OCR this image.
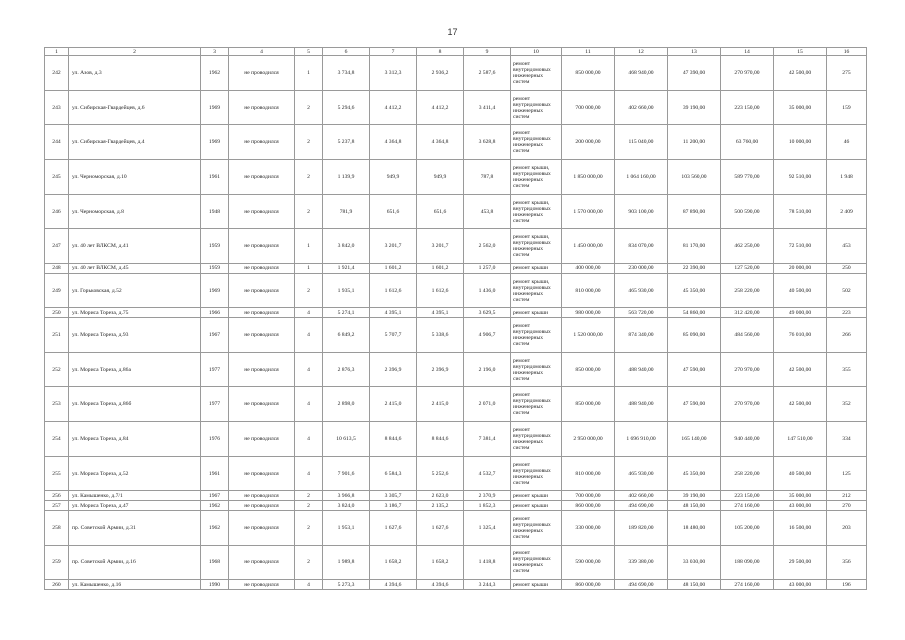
17
1	2	3	4	5	6	7	8	9	10	11	12	13	14	15	16
242	ул. Азов, д.3	1962	не проводился	1	3 734,8	3 312,3	2 936,2	2 587,6	ремонт внутридомовых инженерных систем	850 000,00	468 940,00	47 390,00	270 970,00	42 500,00	275
243	ул. Сибирская-Гвардейцев, д.6	1969	не проводился	2	5 294,6	4 412,2	4 412,2	3 411,4	ремонт внутридомовых инженерных систем	700 000,00	402 660,00	39 190,00	223 150,00	35 000,00	159
244	ул. Сибирская-Гвардейцев, д.4	1969	не проводился	2	5 237,8	4 364,8	4 364,8	3 628,8	ремонт внутридомовых инженерных систем	200 000,00	115 040,00	11 200,00	63 760,00	10 000,00	46
245	ул. Черноморская, д.10	1961	не проводился	2	1 139,9	949,9	949,9	787,8	ремонт крыши, внутридомовых инженерных систем	1 850 000,00	1 064 160,00	103 560,00	589 770,00	92 510,00	1 948
246	ул. Черноморская, д.8	1948	не проводился	2	781,9	651,6	651,6	453,8	ремонт крыши, внутридомовых инженерных систем	1 570 000,00	903 100,00	87 890,00	500 590,00	78 510,00	2 409
247	ул. 40 лет ВЛКСМ, д.41	1959	не проводился	1	3 842,0	3 201,7	3 201,7	2 562,0	ремонт крыши, внутридомовых инженерных систем	1 450 000,00	834 070,00	81 170,00	462 250,00	72 510,00	453
248	ул. 40 лет ВЛКСМ, д.45	1959	не проводился	1	1 921,4	1 601,2	1 601,2	1 257,0	ремонт крыши	400 000,00	230 000,00	22 390,00	127 520,00	20 000,00	250
249	ул. Горьковская, д.52	1969	не проводился	2	1 935,1	1 612,6	1 612,6	1 436,0	ремонт крыши, внутридомовых инженерных систем	810 000,00	465 930,00	45 350,00	258 220,00	40 500,00	502
250	ул. Мориса Тореза, д.75	1966	не проводился	4	5 274,1	4 395,1	4 395,1	3 629,5	ремонт крыши	980 000,00	563 720,00	54 860,00	312 420,00	49 000,00	223
251	ул. Мориса Тореза, д.93	1967	не проводился	4	6 849,2	5 707,7	5 338,6	4 906,7	ремонт внутридомовых инженерных систем	1 520 000,00	874 340,00	85 090,00	484 560,00	76 010,00	266
252	ул. Мориса Тореза, д.86а	1977	не проводился	4	2 876,3	2 396,9	2 396,9	2 196,0	ремонт внутридомовых инженерных систем	850 000,00	488 940,00	47 590,00	270 970,00	42 500,00	355
253	ул. Мориса Тореза, д.86б	1977	не проводился	4	2 898,0	2 415,0	2 415,0	2 071,0	ремонт внутридомовых инженерных систем	850 000,00	488 940,00	47 590,00	270 970,00	42 500,00	352
254	ул. Мориса Тореза, д.84	1976	не проводился	4	10 613,5	8 844,6	8 844,6	7 381,4	ремонт внутридомовых инженерных систем	2 950 000,00	1 696 910,00	165 140,00	940 440,00	147 510,00	334
255	ул. Мориса Тореза, д.52	1961	не проводился	4	7 901,6	6 584,3	5 252,6	4 532,7	ремонт внутридомовых инженерных систем	810 000,00	465 930,00	45 350,00	258 220,00	40 500,00	125
256	ул. Камышенко, д.7/1	1967	не проводился	2	3 966,8	3 305,7	2 623,0	2 370,9	ремонт крыши	700 000,00	402 660,00	39 190,00	223 150,00	35 000,00	212
257	ул. Мориса Тореза, д.47	1962	не проводился	2	3 824,0	3 186,7	2 135,2	1 852,3	ремонт крыши	860 000,00	494 690,00	48 150,00	274 160,00	43 000,00	270
258	пр. Советской Армии, д.31	1962	не проводился	2	1 953,1	1 627,6	1 627,6	1 325,4	ремонт внутридомовых инженерных систем	330 000,00	189 820,00	18 480,00	105 200,00	16 500,00	203
259	пр. Советской Армии, д.16	1968	не проводился	2	1 989,8	1 658,2	1 658,2	1 418,8	ремонт внутридомовых инженерных систем	590 000,00	339 380,00	33 030,00	188 090,00	29 500,00	356
260	ул. Камышенко, д.16	1990	не проводился	4	5 273,3	4 394,6	4 394,6	3 244,3	ремонт крыши	860 000,00	494 690,00	48 150,00	274 160,00	43 000,00	196
